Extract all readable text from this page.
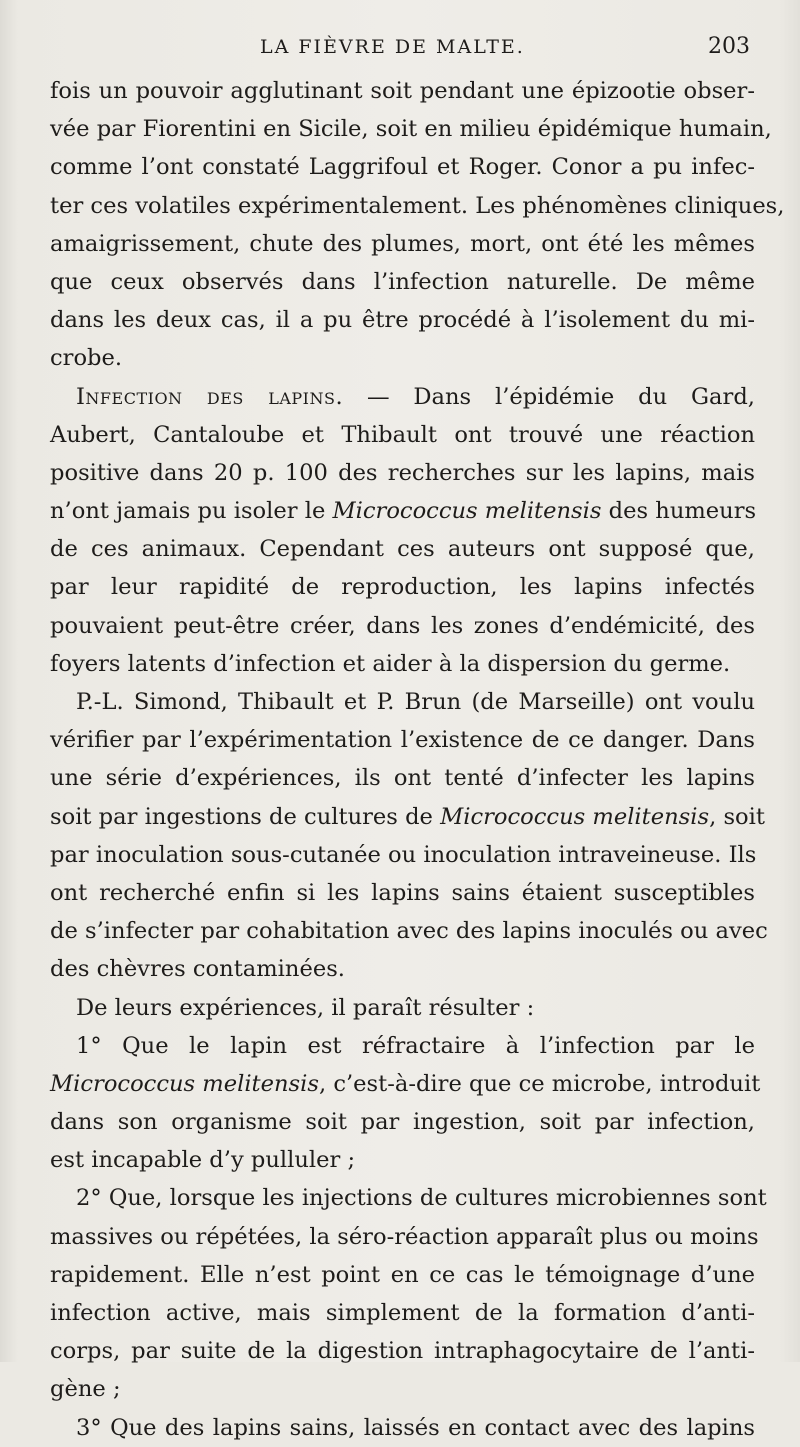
LA FIÈVRE DE MALTE.	203
fois un pouvoir agglutinant soit pendant une épizootie obser-
vée par Fiorentini en Sicile, soit en milieu épidémique humain,
comme l’ont constaté Laggrifoul et Roger. Conor a pu infec-
ter ces volatiles expérimentalement. Les phénomènes cliniques,
amaigrissement, chute des plumes, mort, ont été les mêmes
que ceux observés dans l’infection naturelle. De même
dans les deux cas, il a pu être procédé à l’isolement du mi-
crobe.
Infection des lapins. — Dans l’épidémie du Gard,
Aubert, Cantaloube et Thibault ont trouvé une réaction
positive dans 20 p. 100 des recherches sur les lapins, mais
n’ont jamais pu isoler le Micrococcus melitensis des humeurs
de ces animaux. Cependant ces auteurs ont supposé que,
par leur rapidité de reproduction, les lapins infectés
pouvaient peut-être créer, dans les zones d’endémicité, des
foyers latents d’infection et aider à la dispersion du germe.
P.-L. Simond, Thibault et P. Brun (de Marseille) ont voulu
vérifier par l’expérimentation l’existence de ce danger. Dans
une série d’expériences, ils ont tenté d’infecter les lapins
soit par ingestions de cultures de Micrococcus melitensis, soit
par inoculation sous-cutanée ou inoculation intraveineuse. Ils
ont recherché enfin si les lapins sains étaient susceptibles
de s’infecter par cohabitation avec des lapins inoculés ou avec
des chèvres contaminées.
De leurs expériences, il paraît résulter :
1° Que le lapin est réfractaire à l’infection par le
Micrococcus melitensis, c’est-à-dire que ce microbe, introduit
dans son organisme soit par ingestion, soit par infection,
est incapable d’y pulluler ;
2° Que, lorsque les injections de cultures microbiennes sont
massives ou répétées, la séro-réaction apparaît plus ou moins
rapidement. Elle n’est point en ce cas le témoignage d’une
infection active, mais simplement de la formation d’anti-
corps, par suite de la digestion intraphagocytaire de l’anti-
gène ;
3° Que des lapins sains, laissés en contact avec des lapins
